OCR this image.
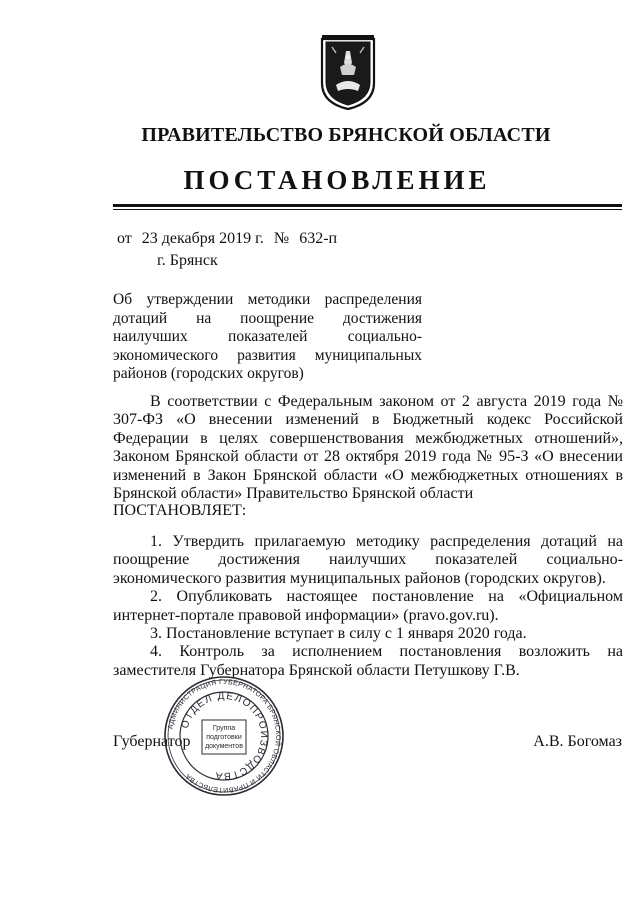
ПРАВИТЕЛЬСТВО БРЯНСКОЙ ОБЛАСТИ
ПОСТАНОВЛЕНИЕ
от 23 декабря 2019 г. № 632-п
г. Брянск
Об утверждении методики распределения дотаций на поощрение достижения наилучших показателей социально-экономического развития муниципальных районов (городских округов)

В соответствии с Федеральным законом от 2 августа 2019 года № 307-ФЗ «О внесении изменений в Бюджетный кодекс Российской Федерации в целях совершенствования межбюджетных отношений», Законом Брянской области от 28 октября 2019 года № 95-З «О внесении изменений в Закон Брянской области «О межбюджетных отношениях в Брянской области» Правительство Брянской области

ПОСТАНОВЛЯЕТ:

1. Утвердить прилагаемую методику распределения дотаций на поощрение достижения наилучших показателей социально-экономического развития муниципальных районов (городских округов).

2. Опубликовать настоящее постановление на «Официальном интернет-портале правовой информации» (pravo.gov.ru).

3. Постановление вступает в силу с 1 января 2020 года.

4. Контроль за исполнением постановления возложить на заместителя Губернатора Брянской области Петушкову Г.В.

Губернатор	А.В. Богомаз
АДМИНИСТРАЦИЯ ГУБЕРНАТОРА БРЯНСКОЙ ОБЛАСТИ И ПРАВИТЕЛЬСТВА
ОТДЕЛ ДЕЛОПРОИЗВОДСТВА
Группа
подготовки
документов
